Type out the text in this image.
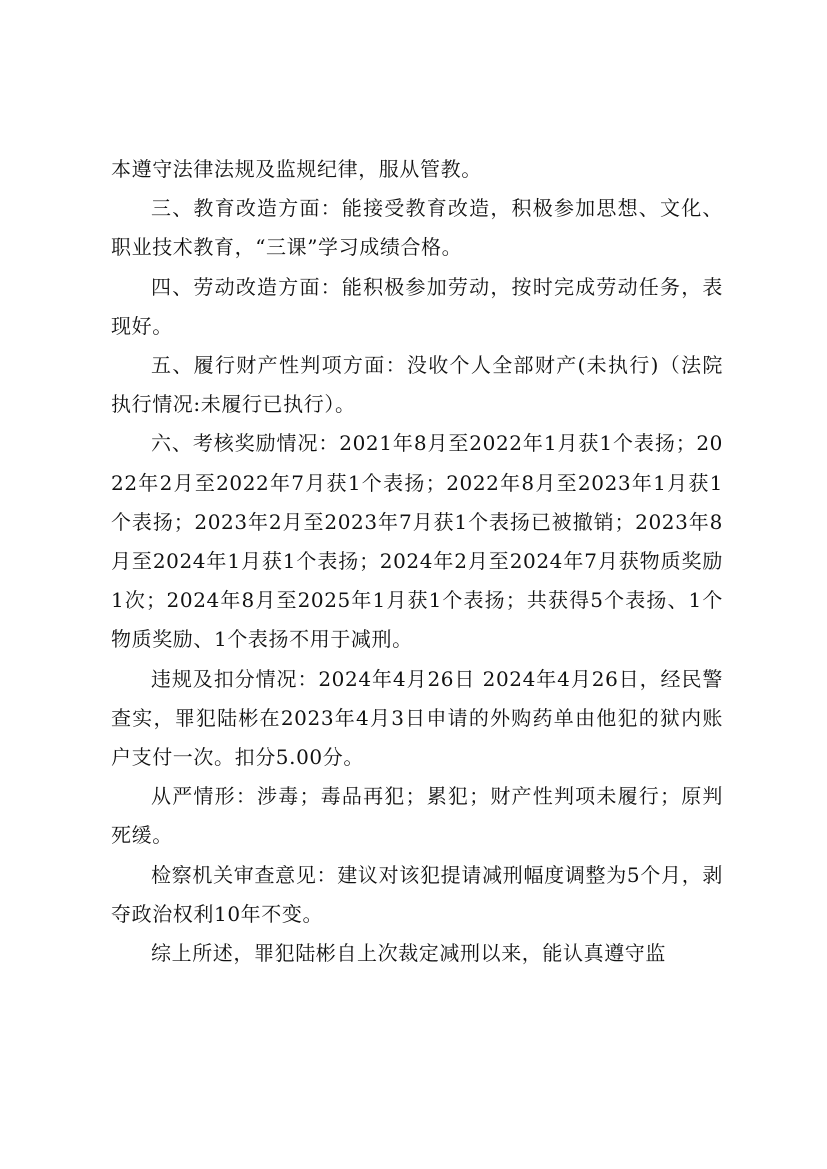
本遵守法律法规及监规纪律，服从管教。

三、教育改造方面：能接受教育改造，积极参加思想、文化、职业技术教育，“三课”学习成绩合格。

四、劳动改造方面：能积极参加劳动，按时完成劳动任务，表现好。

五、履行财产性判项方面：没收个人全部财产(未执行)（法院执行情况:未履行已执行）。

六、考核奖励情况：2021年8月至2022年1月获1个表扬；2022年2月至2022年7月获1个表扬；2022年8月至2023年1月获1个表扬；2023年2月至2023年7月获1个表扬已被撤销；2023年8月至2024年1月获1个表扬；2024年2月至2024年7月获物质奖励1次；2024年8月至2025年1月获1个表扬；共获得5个表扬、1个物质奖励、1个表扬不用于减刑。

违规及扣分情况：2024年4月26日 2024年4月26日，经民警查实，罪犯陆彬在2023年4月3日申请的外购药单由他犯的狱内账户支付一次。扣分5.00分。

从严情形：涉毒；毒品再犯；累犯；财产性判项未履行；原判死缓。

检察机关审查意见：建议对该犯提请减刑幅度调整为5个月，剥夺政治权利10年不变。

综上所述，罪犯陆彬自上次裁定减刑以来，能认真遵守监
